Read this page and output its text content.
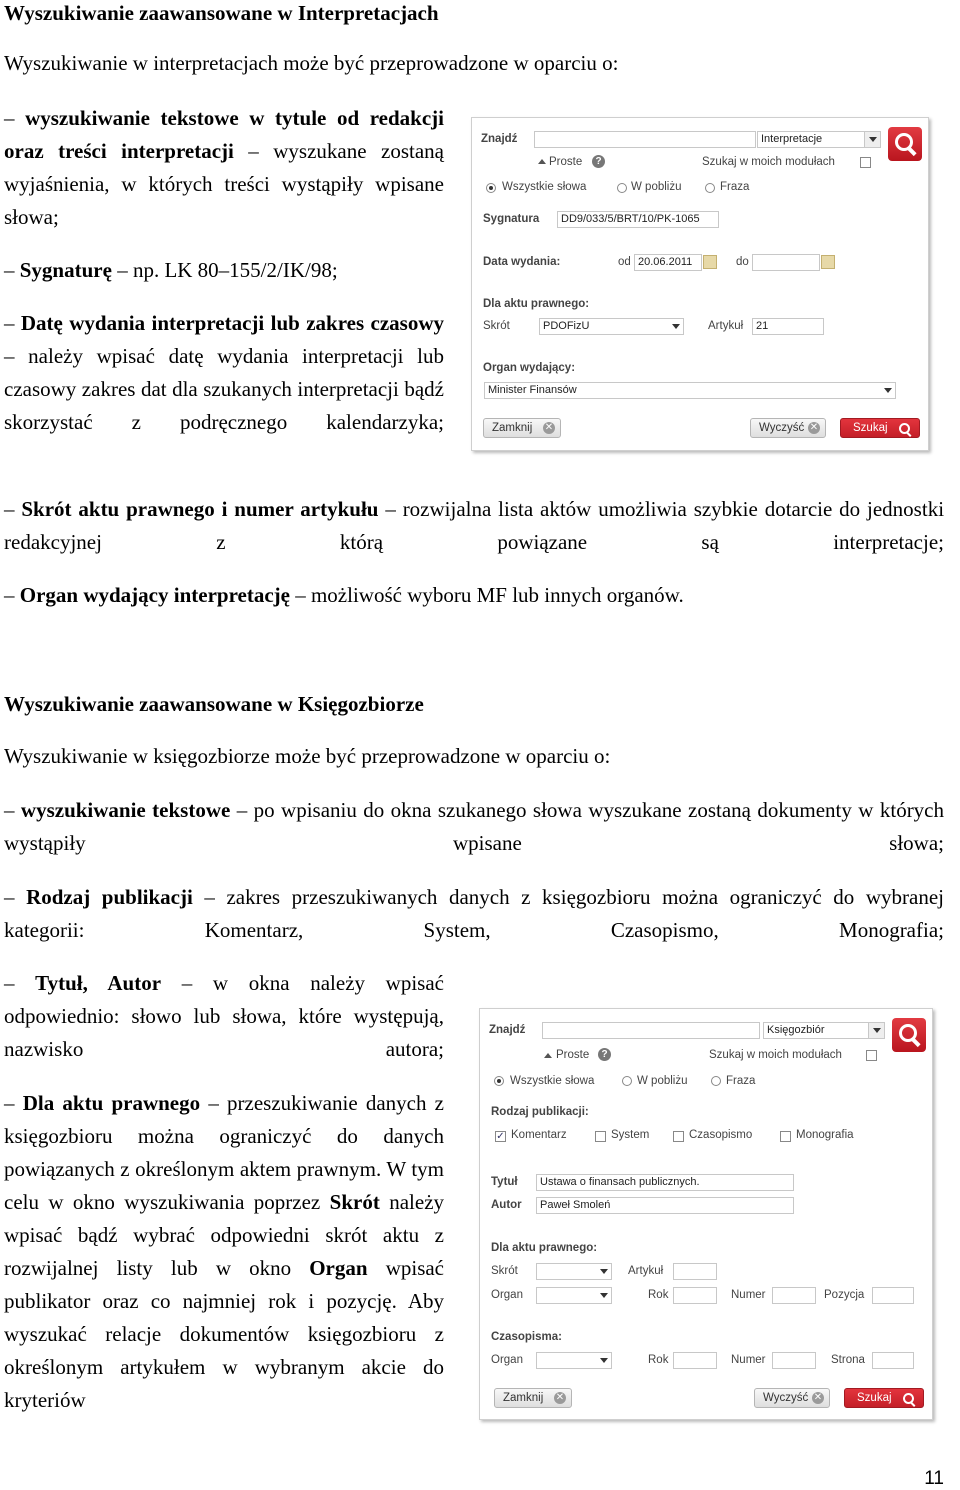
Wyszukiwanie zaawansowane w Interpretacjach

Wyszukiwanie w interpretacjach może być przeprowadzone w oparciu o:

– wyszukiwanie tekstowe w tytule od redakcji oraz treści interpretacji – wyszukane zostaną wyjaśnienia, w których treści wystąpiły wpisane słowa;

– Sygnaturę – np. LK 80–155/2/IK/98;

– Datę wydania interpretacji lub zakres czasowy – należy wpisać datę wydania interpretacji lub czasowy zakres dat dla szukanych interpretacji bądź skorzystać z podręcznego kalendarzyka;

– Skrót aktu prawnego i numer artykułu – rozwijalna lista aktów umożliwia szybkie dotarcie do jednostki redakcyjnej z którą powiązane są interpretacje;

– Organ wydający interpretację – możliwość wyboru MF lub innych organów.

Znajdź	Interpretacje
Proste	?	Szukaj w moich modułach
Wszystkie słowa	W pobliżu	Fraza
Sygnatura	DD9/033/5/BRT/10/PK-1065
Data wydania:	od 20.06.2011	do
Dla aktu prawnego:
Skrót	PDOFizU	Artykuł	21
Organ wydający:
Minister Finansów
Zamknij ✕	Wyczyść ✕	Szukaj
Wyszukiwanie zaawansowane w Księgozbiorze

Wyszukiwanie w księgozbiorze może być przeprowadzone w oparciu o:

– wyszukiwanie tekstowe – po wpisaniu do okna szukanego słowa wyszukane zostaną dokumenty w których wystąpiły wpisane słowa;

– Rodzaj publikacji – zakres przeszukiwanych danych z księgozbioru można ograniczyć do wybranej kategorii: Komentarz, System, Czasopismo, Monografia;

– Tytuł, Autor – w okna należy wpisać odpowiednio: słowo lub słowa, które występują, nazwisko autora;

– Dla aktu prawnego – przeszukiwanie danych z księgozbioru można ograniczyć do danych powiązanych z określonym aktem prawnym. W tym celu w okno wyszukiwania poprzez Skrót należy wpisać bądź wybrać odpowiedni skrót aktu z rozwijalnej listy lub w okno Organ wpisać publikator oraz co najmniej rok i pozycję. Aby wyszukać relacje dokumentów księgozbioru z określonym artykułem w wybranym akcie do kryteriów

Znajdź	Księgozbiór
Proste	?	Szukaj w moich modułach
Wszystkie słowa	W pobliżu	Fraza
Rodzaj publikacji:
✓ Komentarz	System	Czasopismo	Monografia
Tytuł	Ustawa o finansach publicznych.
Autor	Paweł Smoleń
Dla aktu prawnego:
Skrót	Artykuł
Organ	Rok	Numer	Pozycja
Czasopisma:
Organ	Rok	Numer	Strona
Zamknij ✕	Wyczyść ✕	Szukaj
11
